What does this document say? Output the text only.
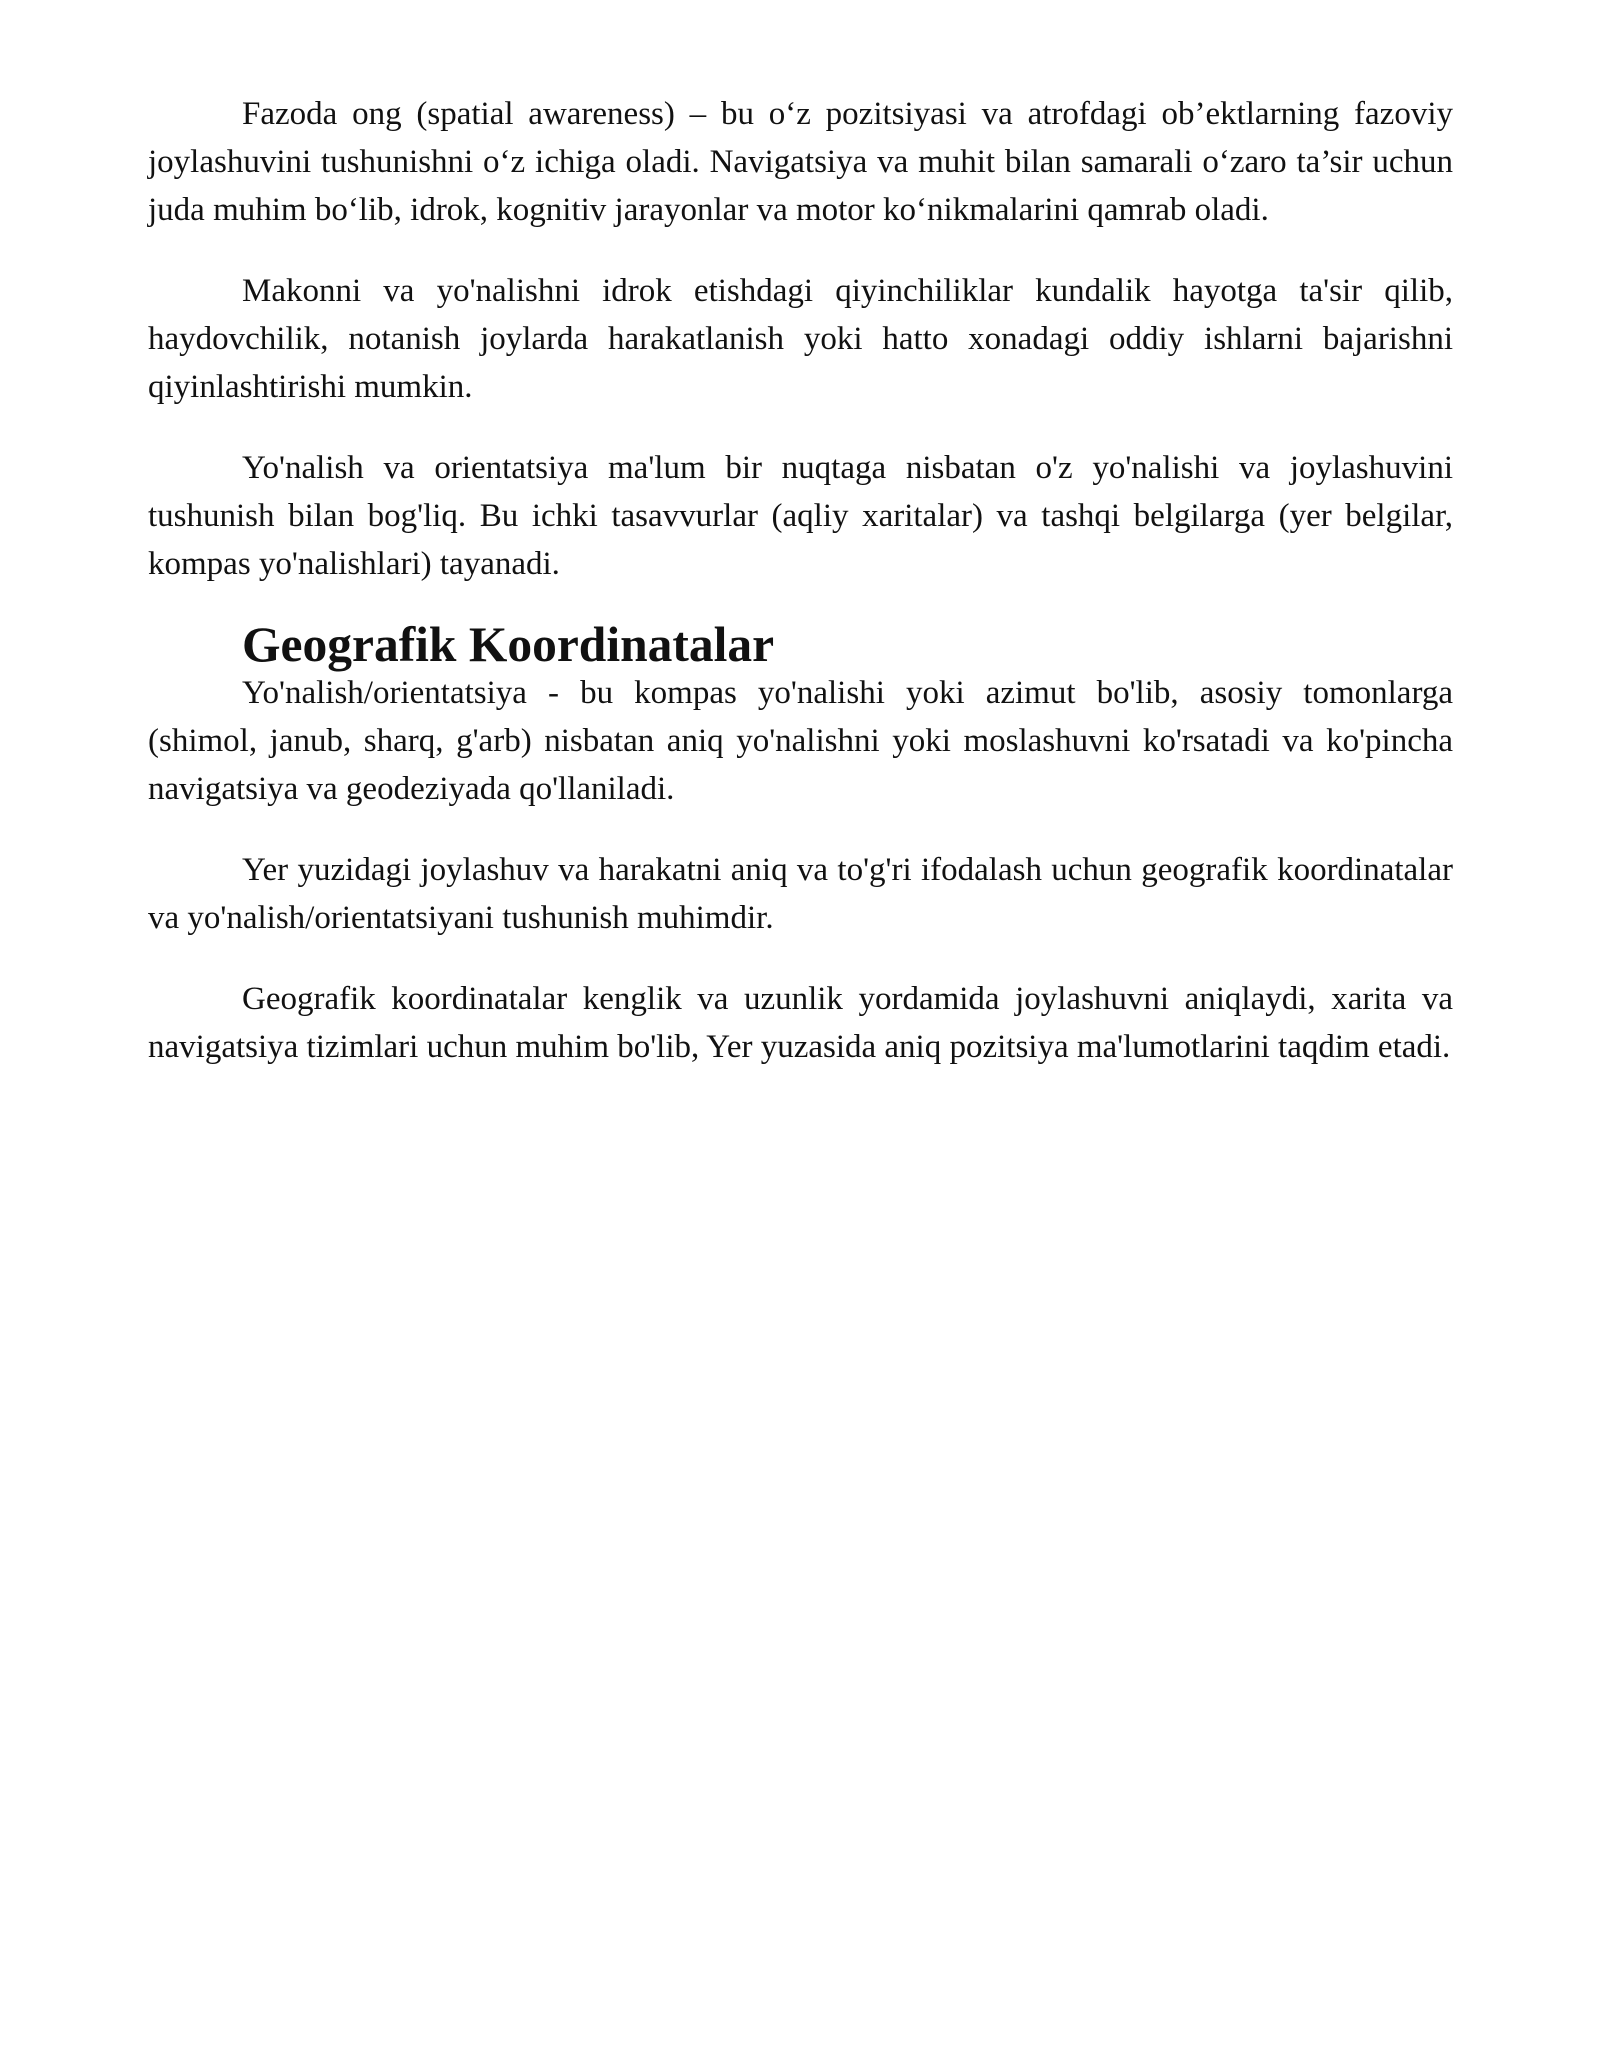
Fazoda ong (spatial awareness) – bu o‘z pozitsiyasi va atrofdagi ob’ektlarning fazoviy joylashuvini tushunishni o‘z ichiga oladi. Navigatsiya va muhit bilan samarali o‘zaro ta’sir uchun juda muhim bo‘lib, idrok, kognitiv jarayonlar va motor ko‘nikmalarini qamrab oladi.

Makonni va yo'nalishni idrok etishdagi qiyinchiliklar kundalik hayotga ta'sir qilib, haydovchilik, notanish joylarda harakatlanish yoki hatto xonadagi oddiy ishlarni bajarishni qiyinlashtirishi mumkin.

Yo'nalish va orientatsiya ma'lum bir nuqtaga nisbatan o'z yo'nalishi va joylashuvini tushunish bilan bog'liq. Bu ichki tasavvurlar (aqliy xaritalar) va tashqi belgilarga (yer belgilar, kompas yo'nalishlari) tayanadi.

Geografik Koordinatalar

Yo'nalish/orientatsiya - bu kompas yo'nalishi yoki azimut bo'lib, asosiy tomonlarga (shimol, janub, sharq, g'arb) nisbatan aniq yo'nalishni yoki moslashuvni ko'rsatadi va ko'pincha navigatsiya va geodeziyada qo'llaniladi.

Yer yuzidagi joylashuv va harakatni aniq va to'g'ri ifodalash uchun geografik koordinatalar va yo'nalish/orientatsiyani tushunish muhimdir.

Geografik koordinatalar kenglik va uzunlik yordamida joylashuvni aniqlaydi, xarita va navigatsiya tizimlari uchun muhim bo'lib, Yer yuzasida aniq pozitsiya ma'lumotlarini taqdim etadi.
